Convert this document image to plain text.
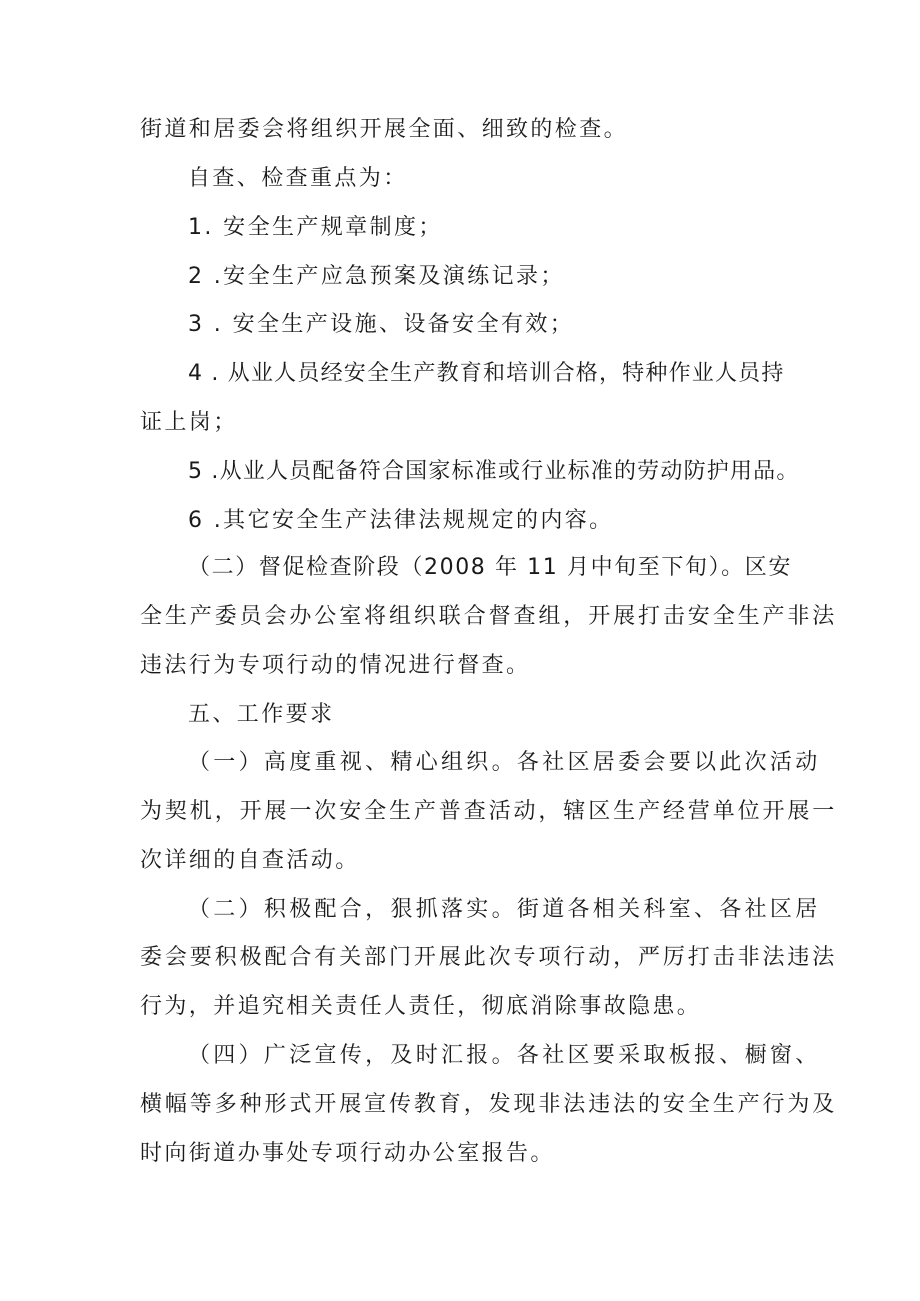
街道和居委会将组织开展全面、细致的检查。

自查、检查重点为：

1. 安全生产规章制度；

2 .安全生产应急预案及演练记录；

3 . 安全生产设施、设备安全有效；

4 . 从业人员经安全生产教育和培训合格，特种作业人员持

证上岗；

5 .从业人员配备符合国家标准或行业标准的劳动防护用品。

6 .其它安全生产法律法规规定的内容。

（二）督促检查阶段（2008 年 11 月中旬至下旬）。区安

全生产委员会办公室将组织联合督查组，开展打击安全生产非法

违法行为专项行动的情况进行督查。

五、工作要求

（一）高度重视、精心组织。各社区居委会要以此次活动

为契机，开展一次安全生产普查活动，辖区生产经营单位开展一

次详细的自查活动。

（二）积极配合，狠抓落实。街道各相关科室、各社区居

委会要积极配合有关部门开展此次专项行动，严厉打击非法违法

行为，并追究相关责任人责任，彻底消除事故隐患。

（四）广泛宣传，及时汇报。各社区要采取板报、橱窗、

横幅等多种形式开展宣传教育，发现非法违法的安全生产行为及

时向街道办事处专项行动办公室报告。
